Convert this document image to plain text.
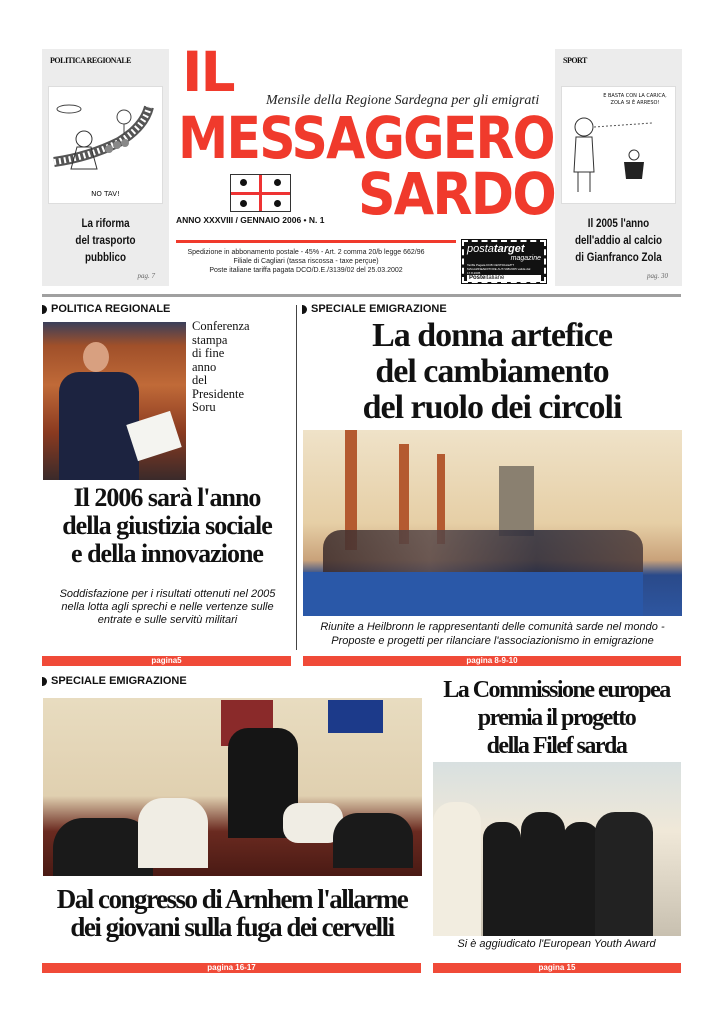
POLITICA REGIONALE
NO TAV!
La riforma
del trasporto
pubblico
pag. 7
IL Mensile della Regione Sardegna per gli emigrati
MESSAGGERO
SARDO
ANNO XXXVIII / GENNAIO 2006 • N. 1
Spedizione in abbonamento postale - 45% - Art. 2 comma 20/b legge 662/96
Filiale di Cagliari (tassa riscossa - taxe perçue)
Poste italiane tariffa pagata DCO/D.E./3139/02 del 25.03.2002
postatarget
magazine
Tariffa Pagata DCB CENTRALE/PT MAGAZINE/EDITORE AUT/198/2005 valida dal 17.8.2005
Posteitaliane
SPORT
E BASTA CON LA CARICA, ZOLA SI È ARRESO!
Il 2005 l'anno
dell'addio al calcio
di Gianfranco Zola
pag. 30
POLITICA REGIONALE
Conferenza
stampa
di fine
anno
del
Presidente
Soru
Il 2006 sarà l'anno
della giustizia sociale
e della innovazione
Soddisfazione per i risultati ottenuti nel 2005 nella lotta agli sprechi e nelle vertenze sulle entrate e sulle servitù militari
pagina5
SPECIALE EMIGRAZIONE
La donna artefice
del cambiamento
del ruolo dei circoli
Riunite a Heilbronn le rappresentanti delle comunità sarde nel mondo -
Proposte e progetti per rilanciare l'associazionismo in emigrazione
pagina 8-9-10
SPECIALE EMIGRAZIONE
Dal congresso di Arnhem l'allarme
dei giovani sulla fuga dei cervelli
pagina 16-17
La Commissione europea
premia il progetto
della Filef sarda
Si è aggiudicato l'European Youth Award
pagina 15
